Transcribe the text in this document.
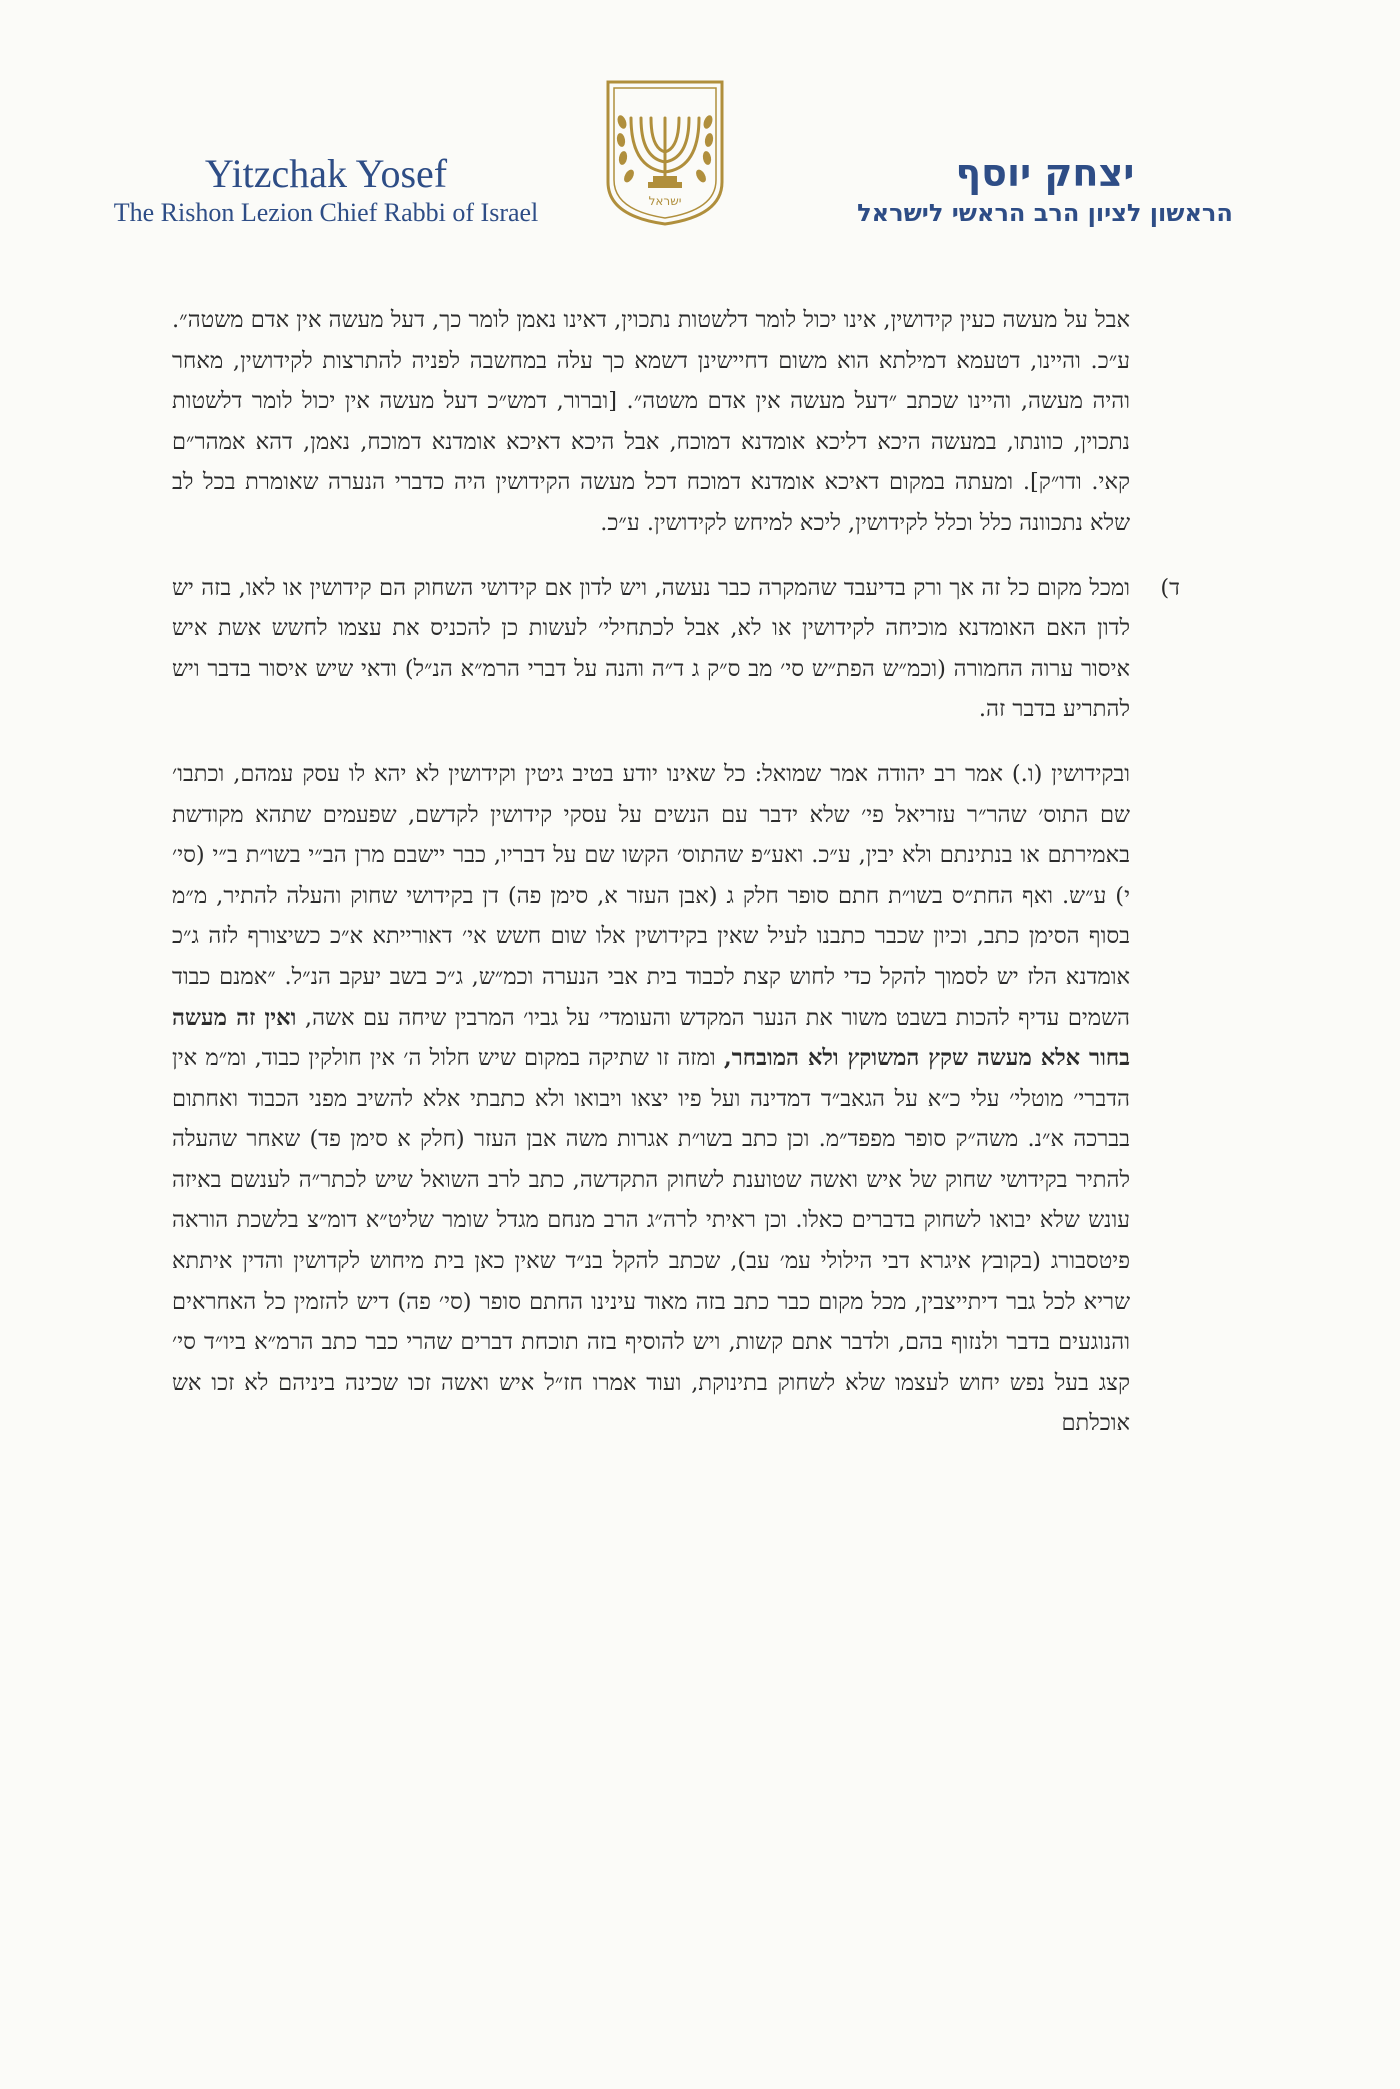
Yitzchak Yosef
The Rishon Lezion Chief Rabbi of Israel	ישראל
יצחק יוסף
הראשון לציון הרב הראשי לישראל

אבל על מעשה כעין קידושין, אינו יכול לומר דלשטות נתכוין, דאינו נאמן לומר כך, דעל מעשה אין אדם משטה״. ע״כ. והיינו, דטעמא דמילתא הוא משום דחיישינן דשמא כך עלה במחשבה לפניה להתרצות לקידושין, מאחר והיה מעשה, והיינו שכתב ״דעל מעשה אין אדם משטה״. [וברור, דמש״כ דעל מעשה אין יכול לומר דלשטות נתכוין, כוונתו, במעשה היכא דליכא אומדנא דמוכח, אבל היכא דאיכא אומדנא דמוכח, נאמן, דהא אמהר״ם קאי. ודו״ק]. ומעתה במקום דאיכא אומדנא דמוכח דכל מעשה הקידושין היה כדברי הנערה שאומרת בכל לב שלא נתכוונה כלל וכלל לקידושין, ליכא למיחש לקידושין. ע״כ.

ד)
ומכל מקום כל זה אך ורק בדיעבד שהמקרה כבר נעשה, ויש לדון אם קידושי השחוק הם קידושין או לאו, בזה יש לדון האם האומדנא מוכיחה לקידושין או לא, אבל לכתחילי׳ לעשות כן להכניס את עצמו לחשש אשת איש איסור ערוה החמורה (וכמ״ש הפת״ש סי׳ מב ס״ק ג ד״ה והנה על דברי הרמ״א הנ״ל) ודאי שיש איסור בדבר ויש להתריע בדבר זה.

ובקידושין (ו.) אמר רב יהודה אמר שמואל: כל שאינו יודע בטיב גיטין וקידושין לא יהא לו עסק עמהם, וכתבו׳ שם התוס׳ שהר״ר עזריאל פי׳ שלא ידבר עם הנשים על עסקי קידושין לקדשם, שפעמים שתהא מקודשת באמירתם או בנתינתם ולא יבין, ע״כ. ואע״פ שהתוס׳ הקשו שם על דבריו, כבר יישבם מרן הב״י בשו״ת ב״י (סי׳ י) ע״ש. ואף החת״ס בשו״ת חתם סופר חלק ג (אבן העזר א, סימן פה) דן בקידושי שחוק והעלה להתיר, מ״מ בסוף הסימן כתב, וכיון שכבר כתבנו לעיל שאין בקידושין אלו שום חשש אי׳ דאורייתא א״כ כשיצורף לזה ג״כ אומדנא הלז יש לסמוך להקל כדי לחוש קצת לכבוד בית אבי הנערה וכמ״ש, ג״כ בשב יעקב הנ״ל. ״אמנם כבוד השמים עדיף להכות בשבט משור את הנער המקדש והעומדי׳ על גביו׳ המרבין שיחה עם אשה, ואין זה מעשה בחור אלא מעשה שקץ המשוקץ ולא המובחר, ומזה זו שתיקה במקום שיש חלול ה׳ אין חולקין כבוד, ומ״מ אין הדברי׳ מוטלי׳ עלי כ״א על הגאב״ד דמדינה ועל פיו יצאו ויבואו ולא כתבתי אלא להשיב מפני הכבוד ואחתום בברכה א״נ. משה״ק סופר מפפד״מ. וכן כתב בשו״ת אגרות משה אבן העזר (חלק א סימן פד) שאחר שהעלה להתיר בקידושי שחוק של איש ואשה שטוענת לשחוק התקדשה, כתב לרב השואל שיש לכתר״ה לענשם באיזה עונש שלא יבואו לשחוק בדברים כאלו. וכן ראיתי לרה״ג הרב מנחם מגדל שומר שליט״א דומ״צ בלשכת הוראה פיטסבורג (בקובץ איגרא דבי הילולי עמ׳ עב), שכתב להקל בנ״ד שאין כאן בית מיחוש לקדושין והדין איתתא שריא לכל גבר דיתייצבין, מכל מקום כבר כתב בזה מאוד עינינו החתם סופר (סי׳ פה) דיש להזמין כל האחראים והנוגעים בדבר ולנזוף בהם, ולדבר אתם קשות, ויש להוסיף בזה תוכחת דברים שהרי כבר כתב הרמ״א ביו״ד סי׳ קצג בעל נפש יחוש לעצמו שלא לשחוק בתינוקת, ועוד אמרו חז״ל איש ואשה זכו שכינה ביניהם לא זכו אש אוכלתם
